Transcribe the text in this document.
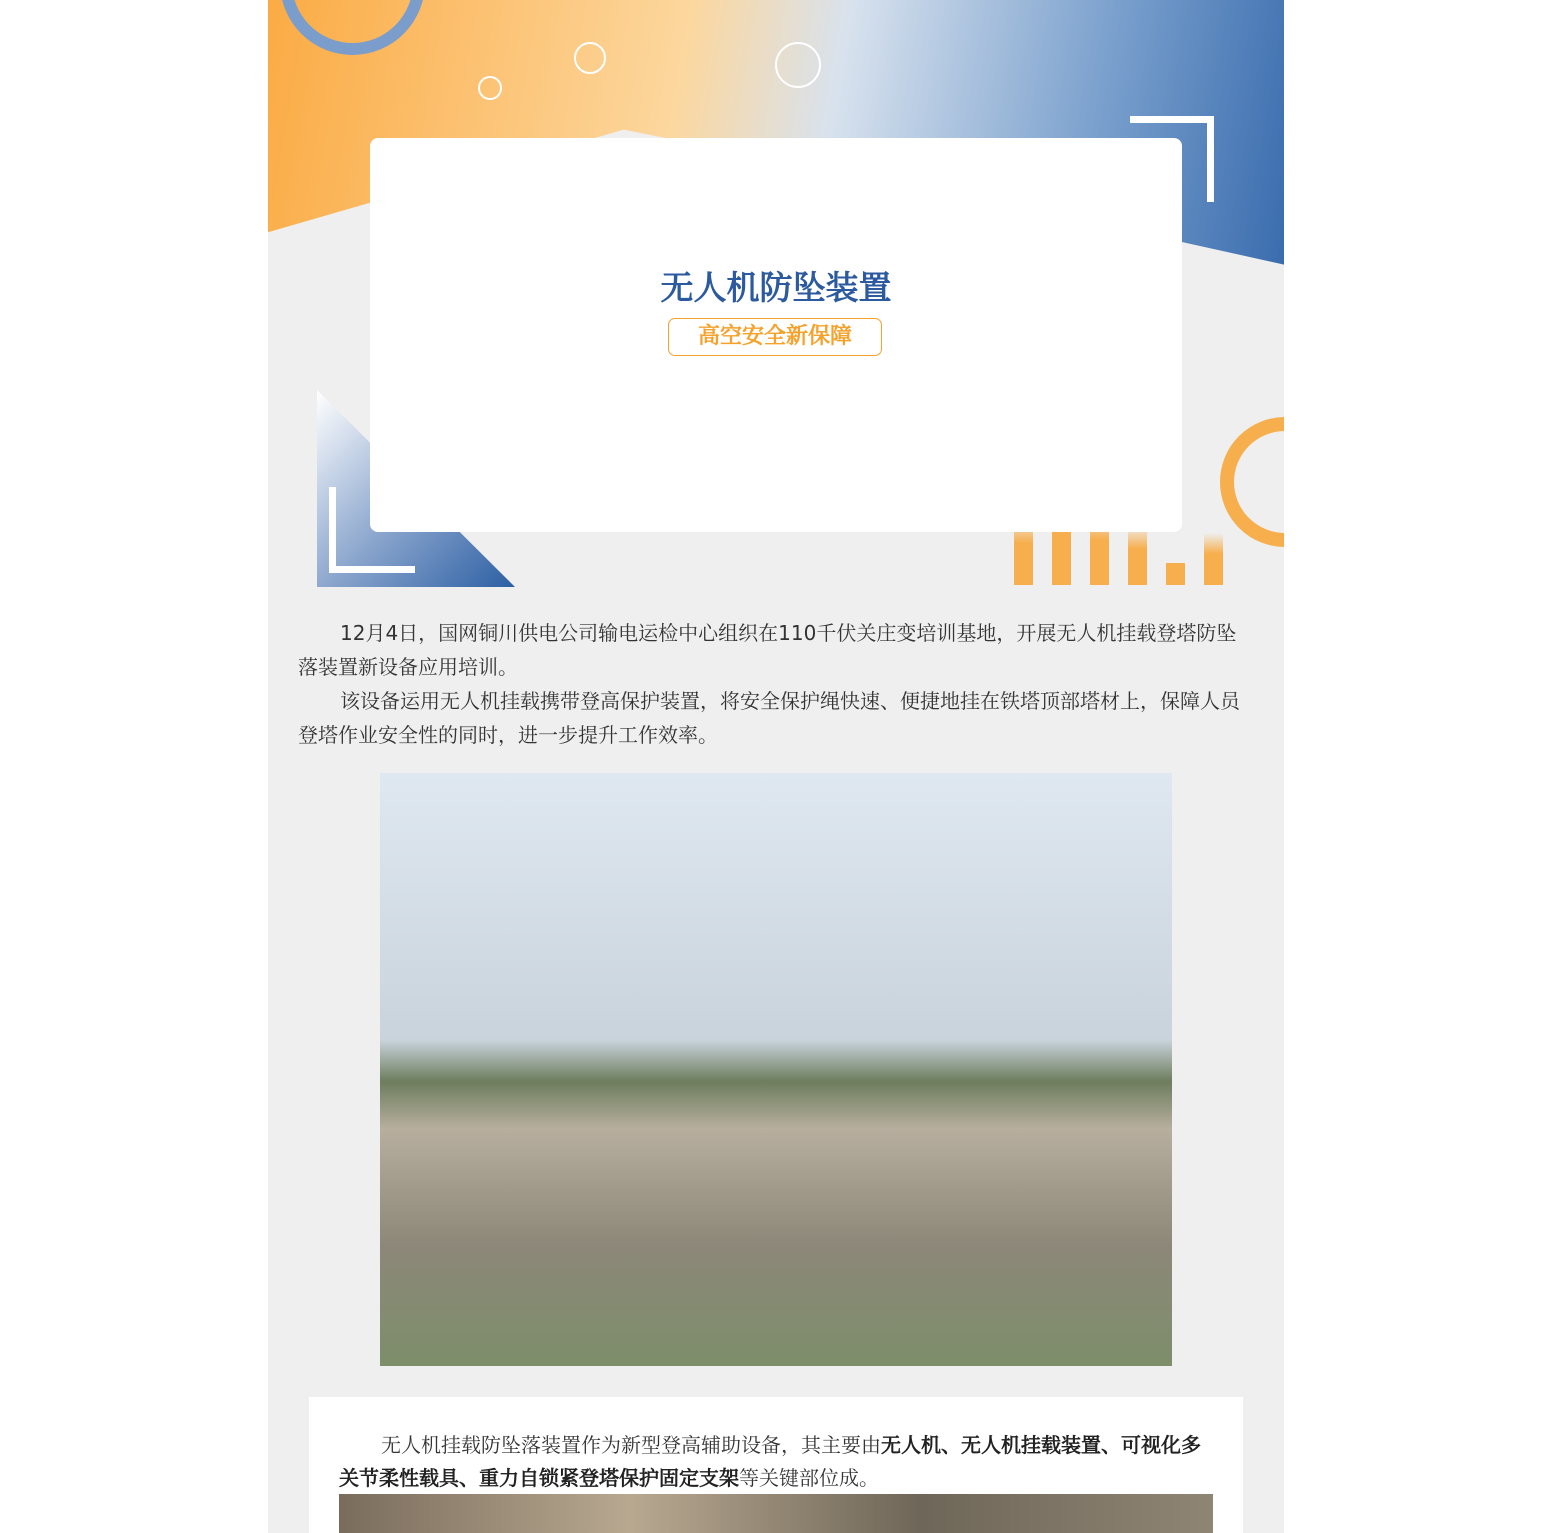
无人机防坠装置
高空安全新保障

12月4日，国网铜川供电公司输电运检中心组织在110千伏关庄变培训基地，开展无人机挂载登塔防坠落装置新设备应用培训。

该设备运用无人机挂载携带登高保护装置，将安全保护绳快速、便捷地挂在铁塔顶部塔材上，保障人员登塔作业安全性的同时，进一步提升工作效率。

无人机挂载防坠落装置作为新型登高辅助设备，其主要由无人机、无人机挂载装置、可视化多关节柔性载具、重力自锁紧登塔保护固定支架等关键部位成。
